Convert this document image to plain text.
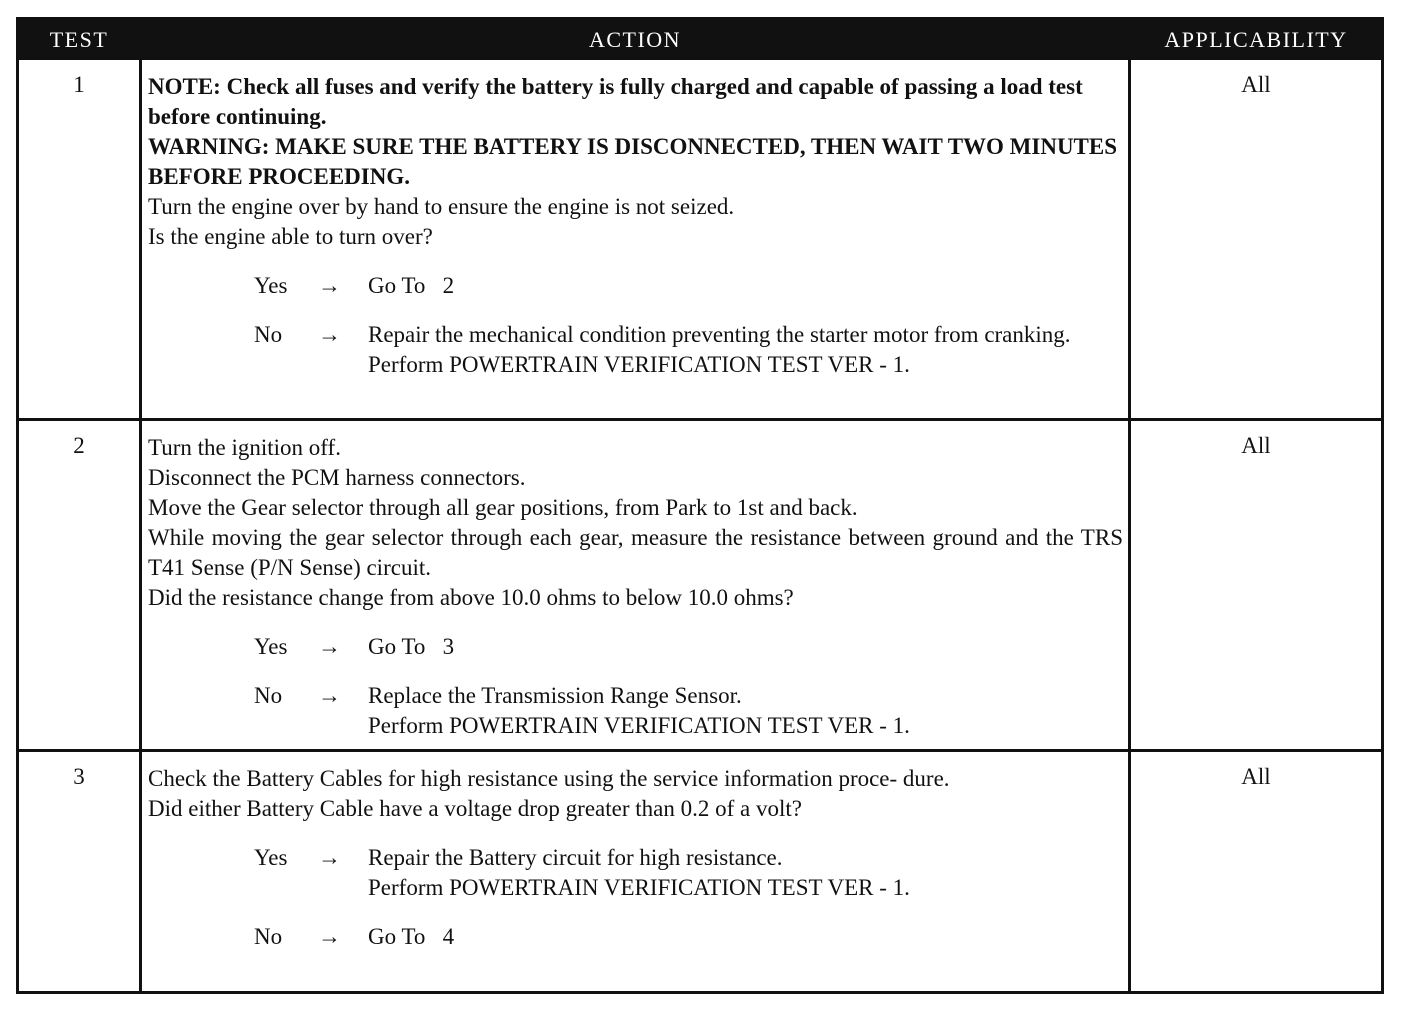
TEST	ACTION	APPLICABILITY
1	NOTE: Check all fuses and verify the battery is fully charged and capable of passing a load test before continuing.

WARNING: MAKE SURE THE BATTERY IS DISCONNECTED, THEN WAIT TWO MINUTES BEFORE PROCEEDING.

Turn the engine over by hand to ensure the engine is not seized.

Is the engine able to turn over?

Yes → Go To   2
No → Repair the mechanical condition preventing the starter motor from cranking.
Perform POWERTRAIN VERIFICATION TEST VER - 1.
All
2	Turn the ignition off.

Disconnect the PCM harness connectors.

Move the Gear selector through all gear positions, from Park to 1st and back.

While moving the gear selector through each gear, measure the resistance between ground and the TRS T41 Sense (P/N Sense) circuit.

Did the resistance change from above 10.0 ohms to below 10.0 ohms?

Yes → Go To   3
No → Replace the Transmission Range Sensor.
Perform POWERTRAIN VERIFICATION TEST VER - 1.
All
3	Check the Battery Cables for high resistance using the service information proce- dure.

Did either Battery Cable have a voltage drop greater than 0.2 of a volt?

Yes → Repair the Battery circuit for high resistance.
Perform POWERTRAIN VERIFICATION TEST VER - 1.
No → Go To   4
All
